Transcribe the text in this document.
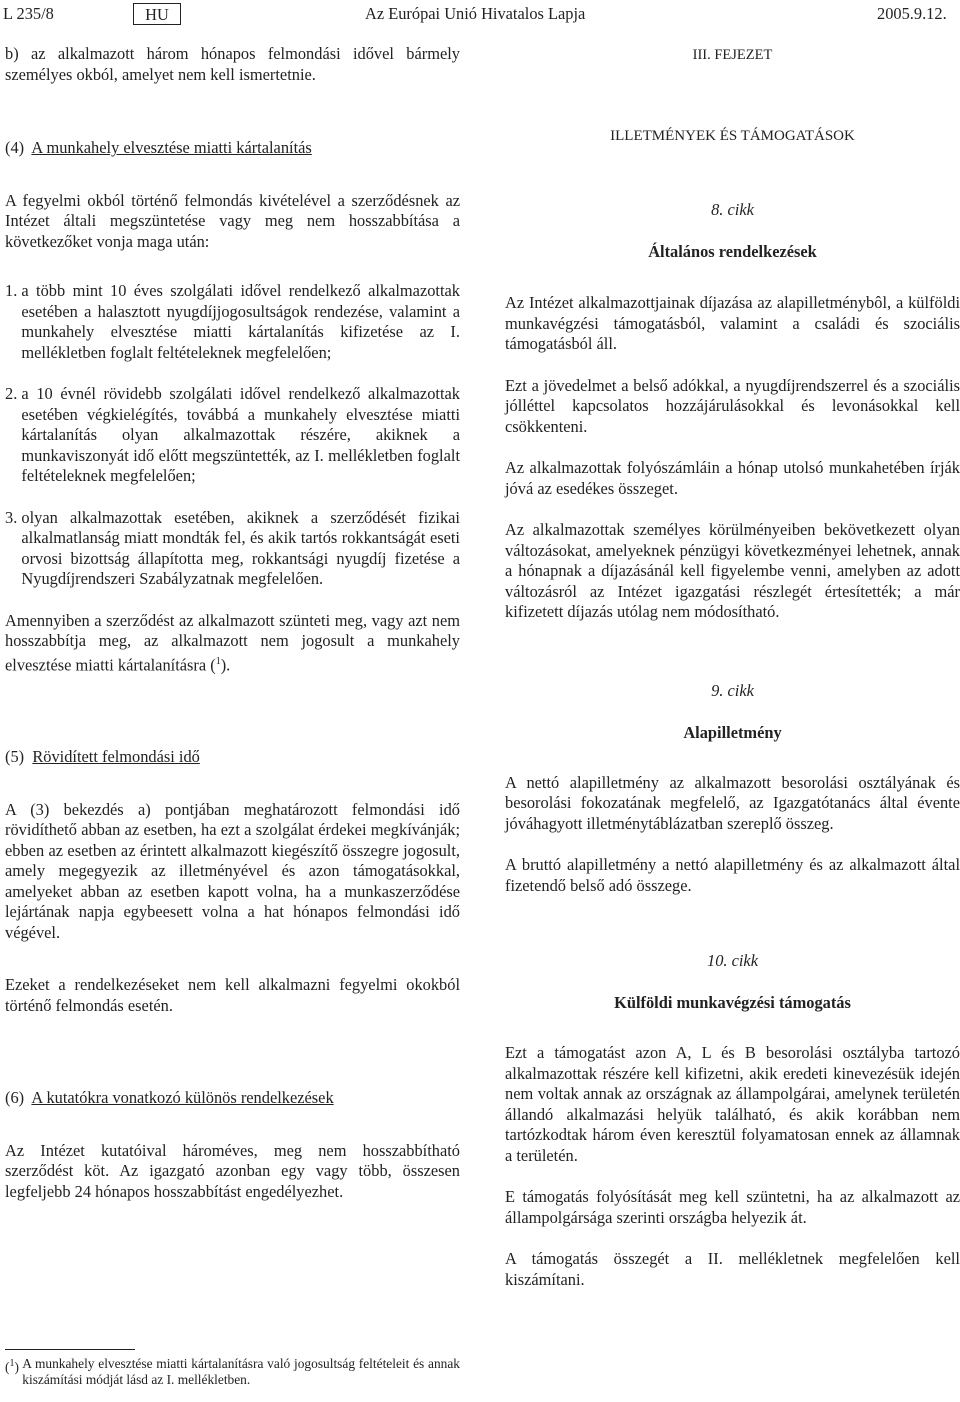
L 235/8	HU	Az Európai Unió Hivatalos Lapja	2005.9.12.

b) az alkalmazott három hónapos felmondási idővel bármely személyes okból, amelyet nem kell ismertetnie.

(4) A munkahely elvesztése miatti kártalanítás

A fegyelmi okból történő felmondás kivételével a szerződésnek az Intézet általi megszüntetése vagy meg nem hosszabbítása a következőket vonja maga után:

1.
a több mint 10 éves szolgálati idővel rendelkező alkalmazottak esetében a halasztott nyugdíjjogosultságok rendezése, valamint a munkahely elvesztése miatti kártalanítás kifizetése az I. mellékletben foglalt feltételeknek megfelelően;
2.
a 10 évnél rövidebb szolgálati idővel rendelkező alkalmazottak esetében végkielégítés, továbbá a munkahely elvesztése miatti kártalanítás olyan alkalmazottak részére, akiknek a munkaviszonyát idő előtt megszüntették, az I. mellékletben foglalt feltételeknek megfelelően;
3.
olyan alkalmazottak esetében, akiknek a szerződését fizikai alkalmatlanság miatt mondták fel, és akik tartós rokkantságát eseti orvosi bizottság állapította meg, rokkantsági nyugdíj fizetése a Nyugdíjrendszeri Szabályzatnak megfelelően.

Amennyiben a szerződést az alkalmazott szünteti meg, vagy azt nem hosszabbítja meg, az alkalmazott nem jogosult a munkahely elvesztése miatti kártalanításra ($^1$).

(5) Rövidített felmondási idő

A (3) bekezdés a) pontjában meghatározott felmondási idő rövidíthető abban az esetben, ha ezt a szolgálat érdekei megkívánják; ebben az esetben az érintett alkalmazott kiegészítő összegre jogosult, amely megegyezik az illetményével és azon támogatásokkal, amelyeket abban az esetben kapott volna, ha a munkaszerződése lejártának napja egybeesett volna a hat hónapos felmondási idő végével.

Ezeket a rendelkezéseket nem kell alkalmazni fegyelmi okokból történő felmondás esetén.

(6) A kutatókra vonatkozó különös rendelkezések

Az Intézet kutatóival hároméves, meg nem hosszabbítható szerződést köt. Az igazgató azonban egy vagy több, összesen legfeljebb 24 hónapos hosszabbítást engedélyezhet.

($^1$) A munkahely elvesztése miatti kártalanításra való jogosultság feltételeit és annak kiszámítási módját lásd az I. mellékletben.

III. FEJEZET

ILLETMÉNYEK ÉS TÁMOGATÁSOK

8. cikk

Általános rendelkezések

Az Intézet alkalmazottjainak díjazása az alapilletménybôl, a külföldi munkavégzési támogatásból, valamint a családi és szociális támogatásból áll.

Ezt a jövedelmet a belső adókkal, a nyugdíjrendszerrel és a szociális jólléttel kapcsolatos hozzájárulásokkal és levonásokkal kell csökkenteni.

Az alkalmazottak folyószámláin a hónap utolsó munkahetében írják jóvá az esedékes összeget.

Az alkalmazottak személyes körülményeiben bekövetkezett olyan változásokat, amelyeknek pénzügyi következményei lehetnek, annak a hónapnak a díjazásánál kell figyelembe venni, amelyben az adott változásról az Intézet igazgatási részlegét értesítették; a már kifizetett díjazás utólag nem módosítható.

9. cikk

Alapilletmény

A nettó alapilletmény az alkalmazott besorolási osztályának és besorolási fokozatának megfelelő, az Igazgatótanács által évente jóváhagyott illetménytáblázatban szereplő összeg.

A bruttó alapilletmény a nettó alapilletmény és az alkalmazott által fizetendő belső adó összege.

10. cikk

Külföldi munkavégzési támogatás

Ezt a támogatást azon A, L és B besorolási osztályba tartozó alkalmazottak részére kell kifizetni, akik eredeti kinevezésük idején nem voltak annak az országnak az állampolgárai, amelynek területén állandó alkalmazási helyük található, és akik korábban nem tartózkodtak három éven keresztül folyamatosan ennek az államnak a területén.

E támogatás folyósítását meg kell szüntetni, ha az alkalmazott az állampolgársága szerinti országba helyezik át.

A támogatás összegét a II. mellékletnek megfelelően kell kiszámítani.
